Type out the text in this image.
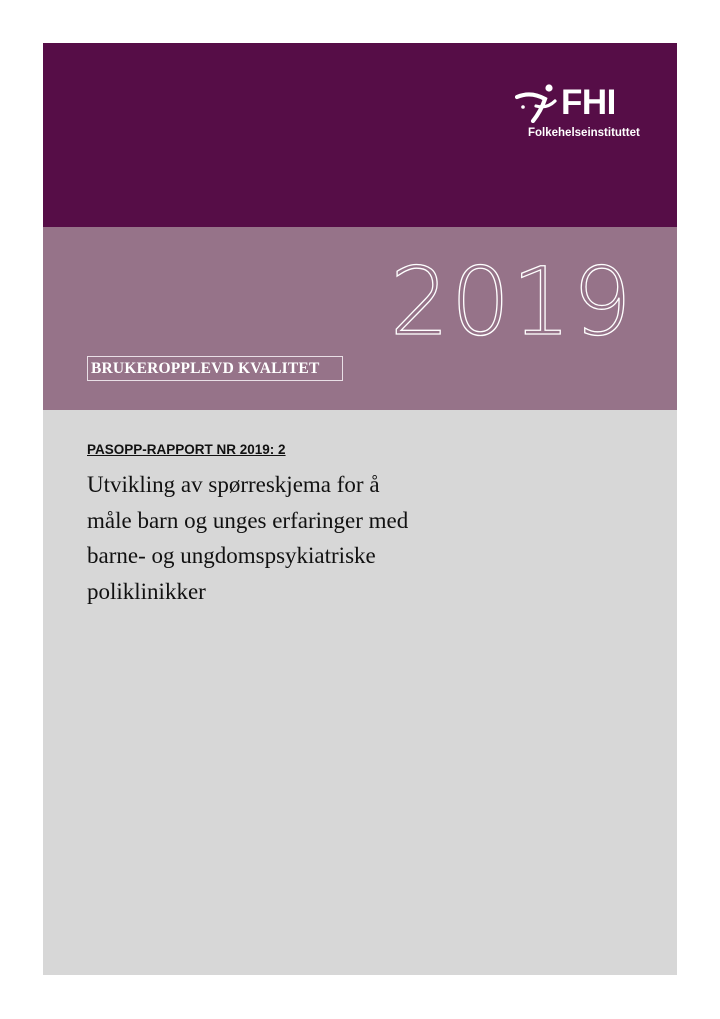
FHI
Folkehelseinstituttet
2019
BRUKEROPPLEVD KVALITET
PASOPP-RAPPORT NR 2019: 2
Utvikling av spørreskjema for å
måle barn og unges erfaringer med
barne- og ungdomspsykiatriske
poliklinikker
